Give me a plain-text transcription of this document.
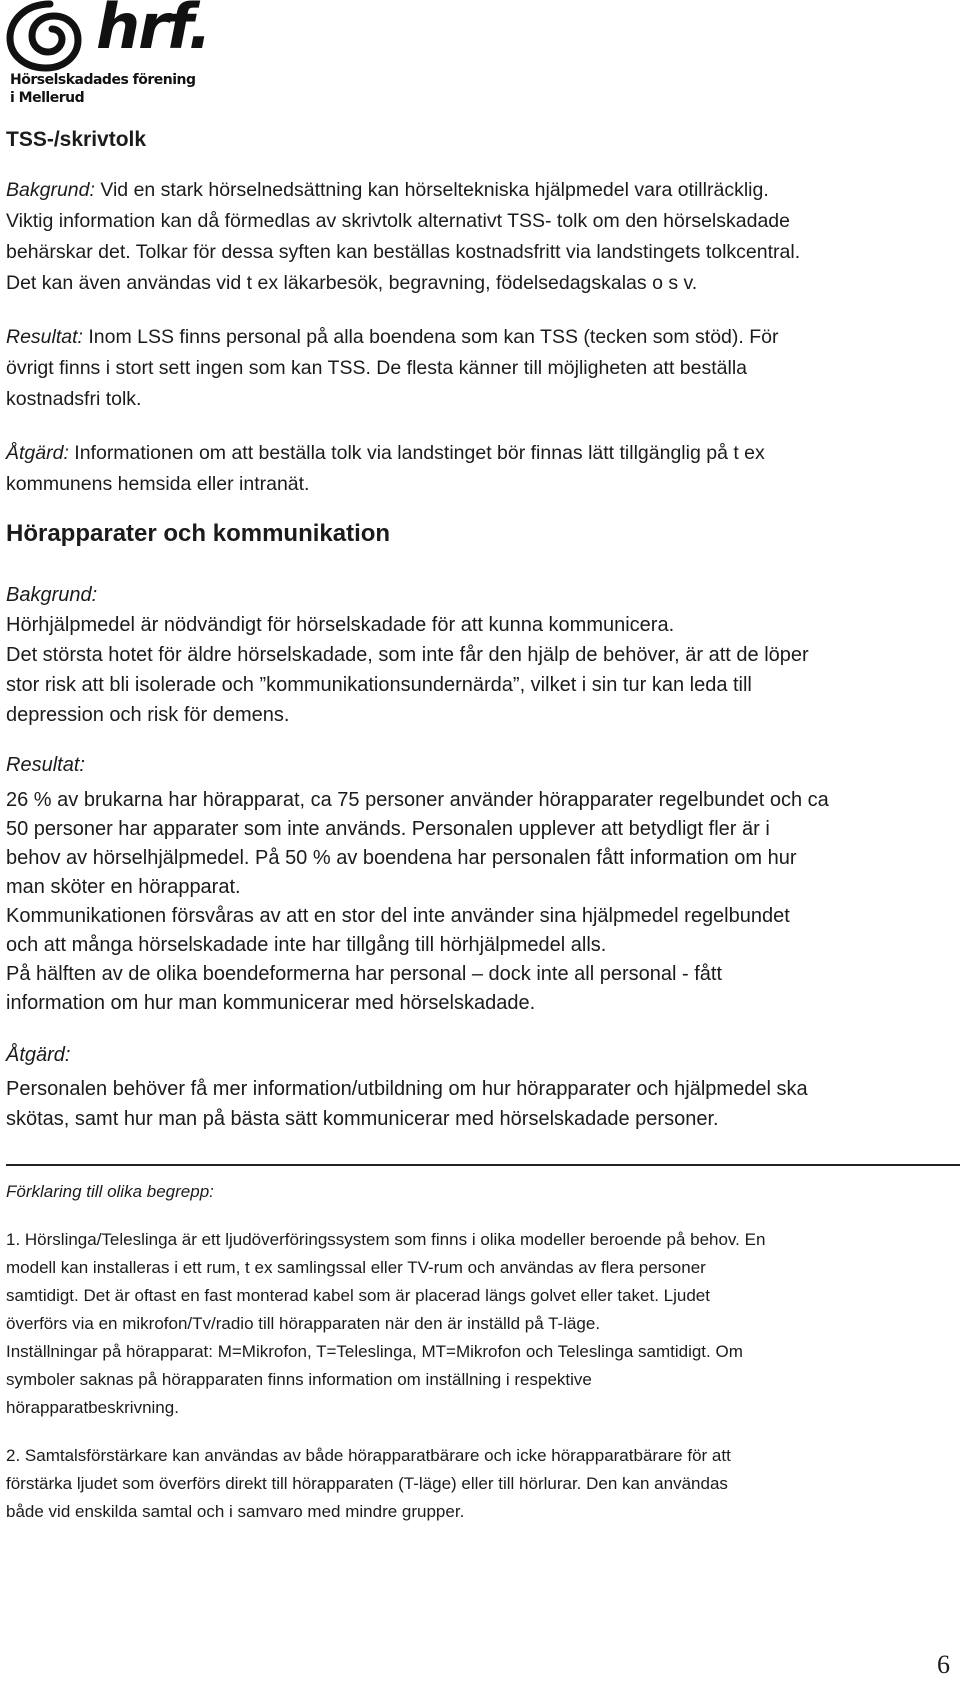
hrf.
Hörselskadades förening
i Mellerud
TSS-/skrivtolk
Bakgrund: Vid en stark hörselnedsättning kan hörseltekniska hjälpmedel vara otillräcklig.
Viktig information kan då förmedlas av skrivtolk alternativt TSS- tolk om den hörselskadade
behärskar det. Tolkar för dessa syften kan beställas kostnadsfritt via landstingets tolkcentral.
Det kan även användas vid t ex läkarbesök, begravning, födelsedagskalas o s v.
Resultat: Inom LSS finns personal på alla boendena som kan TSS (tecken som stöd). För
övrigt finns i stort sett ingen som kan TSS. De flesta känner till möjligheten att beställa
kostnadsfri tolk.
Åtgärd: Informationen om att beställa tolk via landstinget bör finnas lätt tillgänglig på t ex
kommunens hemsida eller intranät.
Hörapparater och kommunikation
Bakgrund:
Hörhjälpmedel är nödvändigt för hörselskadade för att kunna kommunicera.
Det största hotet för äldre hörselskadade, som inte får den hjälp de behöver, är att de löper
stor risk att bli isolerade och ”kommunikationsundernärda”, vilket i sin tur kan leda till
depression och risk för demens.
Resultat:
26 % av brukarna har hörapparat, ca 75 personer använder hörapparater regelbundet och ca
50 personer har apparater som inte används. Personalen upplever att betydligt fler är i
behov av hörselhjälpmedel. På 50 % av boendena har personalen fått information om hur
man sköter en hörapparat.
Kommunikationen försvåras av att en stor del inte använder sina hjälpmedel regelbundet
och att många hörselskadade inte har tillgång till hörhjälpmedel alls.
På hälften av de olika boendeformerna har personal – dock inte all personal - fått
information om hur man kommunicerar med hörselskadade.
Åtgärd:
Personalen behöver få mer information/utbildning om hur hörapparater och hjälpmedel ska
skötas, samt hur man på bästa sätt kommunicerar med hörselskadade personer.
Förklaring till olika begrepp:
1. Hörslinga/Teleslinga är ett ljudöverföringssystem som finns i olika modeller beroende på behov. En
modell kan installeras i ett rum, t ex samlingssal eller TV-rum och användas av flera personer
samtidigt. Det är oftast en fast monterad kabel som är placerad längs golvet eller taket. Ljudet
överförs via en mikrofon/Tv/radio till hörapparaten när den är inställd på T-läge.
Inställningar på hörapparat: M=Mikrofon, T=Teleslinga, MT=Mikrofon och Teleslinga samtidigt. Om
symboler saknas på hörapparaten finns information om inställning i respektive
hörapparatbeskrivning.
2. Samtalsförstärkare kan användas av både hörapparatbärare och icke hörapparatbärare för att
förstärka ljudet som överförs direkt till hörapparaten (T-läge) eller till hörlurar. Den kan användas
både vid enskilda samtal och i samvaro med mindre grupper.
6
